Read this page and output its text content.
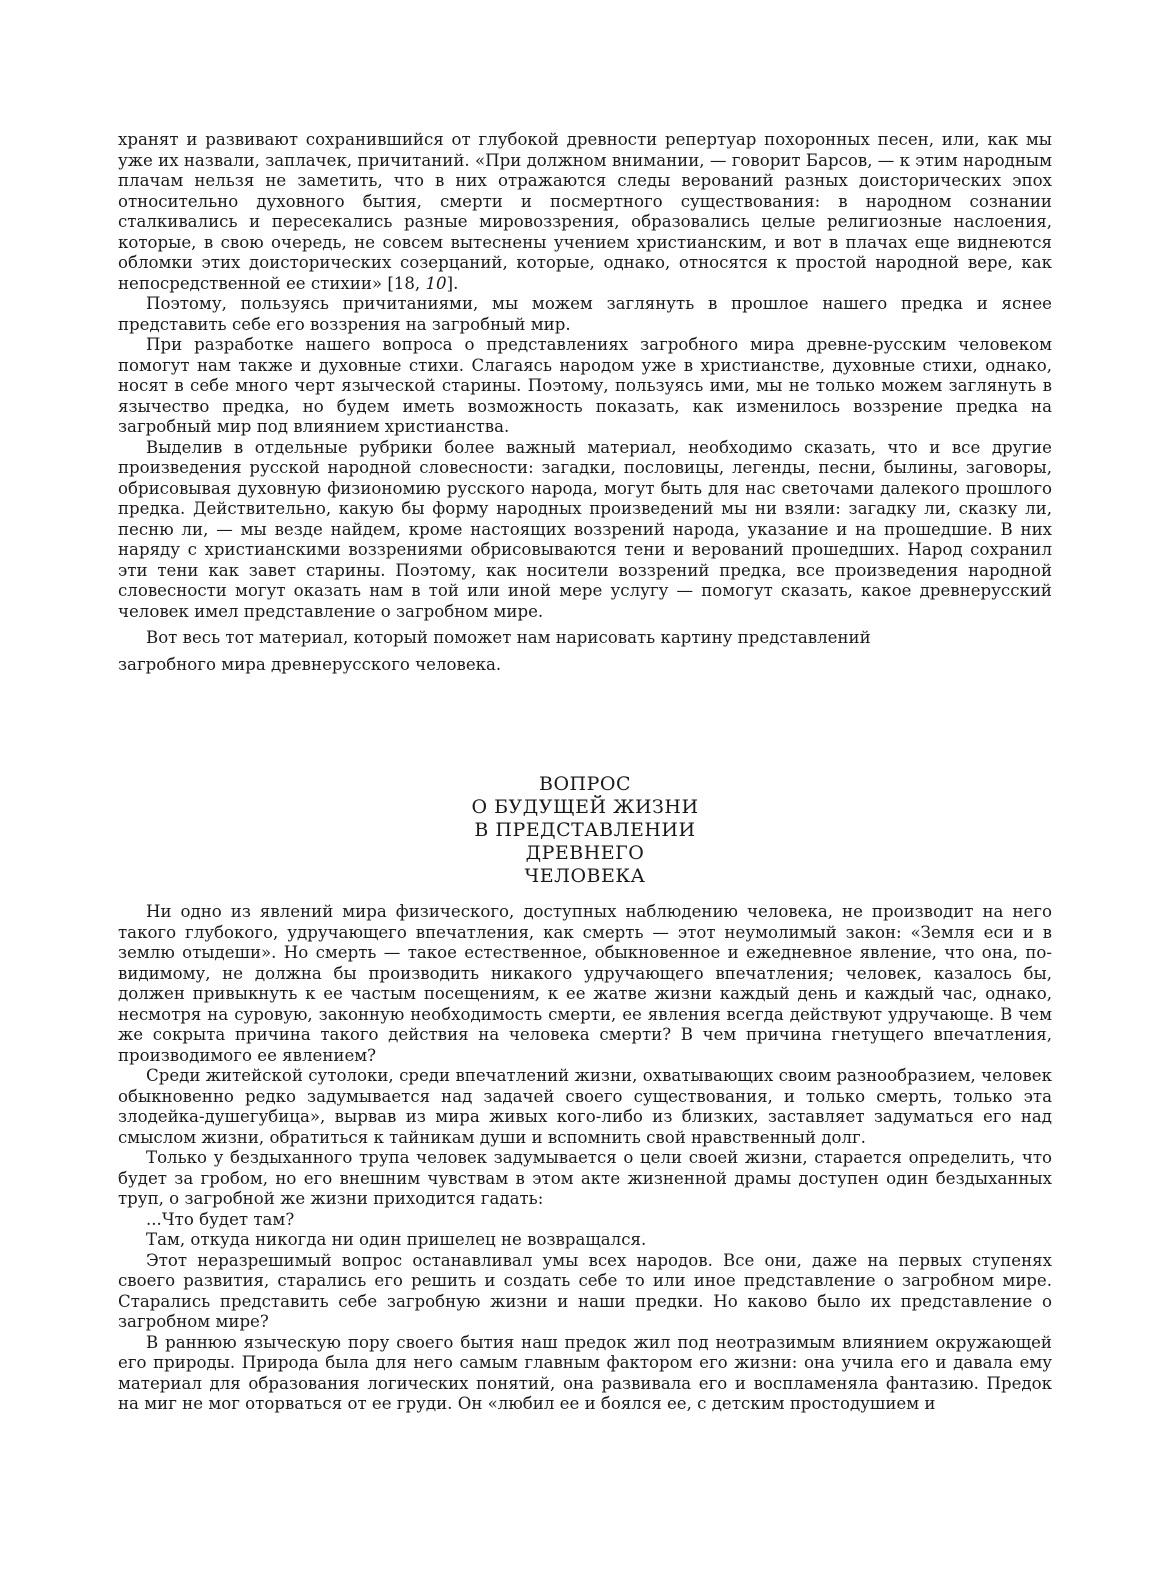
хранят и развивают сохранившийся от глубокой древности репертуар похоронных песен, или, как мы уже их назвали, заплачек, причитаний. «При должном внимании, — говорит Барсов, — к этим народным плачам нельзя не заметить, что в них отражаются следы верований разных доисторических эпох относительно духовного бытия, смерти и посмертного существования: в народном сознании сталкивались и пересекались разные мировоззрения, образовались целые религиозные наслоения, которые, в свою очередь, не совсем вытеснены учением христианским, и вот в плачах еще виднеются обломки этих доисторических созерцаний, которые, однако, относятся к простой народной вере, как непосредственной ее стихии» [18, 10].

Поэтому, пользуясь причитаниями, мы можем заглянуть в прошлое нашего предка и яснее представить себе его воззрения на загробный мир.

При разработке нашего вопроса о представлениях загробного мира древне-русским человеком помогут нам также и духовные стихи. Слагаясь народом уже в христианстве, духовные стихи, однако, носят в себе много черт языческой старины. Поэтому, пользуясь ими, мы не только можем заглянуть в язычество предка, но будем иметь возможность показать, как изменилось воззрение предка на загробный мир под влиянием христианства.

Выделив в отдельные рубрики более важный материал, необходимо сказать, что и все другие произведения русской народной словесности: загадки, пословицы, легенды, песни, былины, заговоры, обрисовывая духовную физиономию русского народа, могут быть для нас светочами далекого прошлого предка. Действительно, какую бы форму народных произведений мы ни взяли: загадку ли, сказку ли, песню ли, — мы везде найдем, кроме настоящих воззрений народа, указание и на прошедшие. В них наряду с христианскими воззрениями обрисовываются тени и верований прошедших. Народ сохранил эти тени как завет старины. Поэтому, как носители воззрений предка, все произведения народной словесности могут оказать нам в той или иной мере услугу — помогут сказать, какое древнерусский человек имел представление о загробном мире.

Вот весь тот материал, который поможет нам нарисовать картину представлений

загробного мира древнерусского человека.

ВОПРОС
О БУДУЩЕЙ ЖИЗНИ
В ПРЕДСТАВЛЕНИИ
ДРЕВНЕГО
ЧЕЛОВЕКА

Ни одно из явлений мира физического, доступных наблюдению человека, не производит на него такого глубокого, удручающего впечатления, как смерть — этот неумолимый закон: «Земля еси и в землю отыдеши». Но смерть — такое естественное, обыкновенное и ежедневное явление, что она, по-видимому, не должна бы производить никакого удручающего впечатления; человек, казалось бы, должен привыкнуть к ее частым посещениям, к ее жатве жизни каждый день и каждый час, однако, несмотря на суровую, законную необходимость смерти, ее явления всегда действуют удручающе. В чем же сокрыта причина такого действия на человека смерти? В чем причина гнетущего впечатления, производимого ее явлением?

Среди житейской сутолоки, среди впечатлений жизни, охватывающих своим разнообразием, человек обыкновенно редко задумывается над задачей своего существования, и только смерть, только эта злодейка-душегубица», вырвав из мира живых кого-либо из близких, заставляет задуматься его над смыслом жизни, обратиться к тайникам души и вспомнить свой нравственный долг.

Только у бездыханного трупа человек задумывается о цели своей жизни, старается определить, что будет за гробом, но его внешним чувствам в этом акте жизненной драмы доступен один бездыханных труп, о загробной же жизни приходится гадать:

...Что будет там?

Там, откуда никогда ни один пришелец не возвращался.

Этот неразрешимый вопрос останавливал умы всех народов. Все они, даже на первых ступенях своего развития, старались его решить и создать себе то или иное представление о загробном мире. Старались представить себе загробную жизни и наши предки. Но каково было их представление о загробном мире?

В раннюю языческую пору своего бытия наш предок жил под неотразимым влиянием окружающей его природы. Природа была для него самым главным фактором его жизни: она учила его и давала ему материал для образования логических понятий, она развивала его и воспламеняла фантазию. Предок на миг не мог оторваться от ее груди. Он «любил ее и боялся ее, с детским простодушием и
